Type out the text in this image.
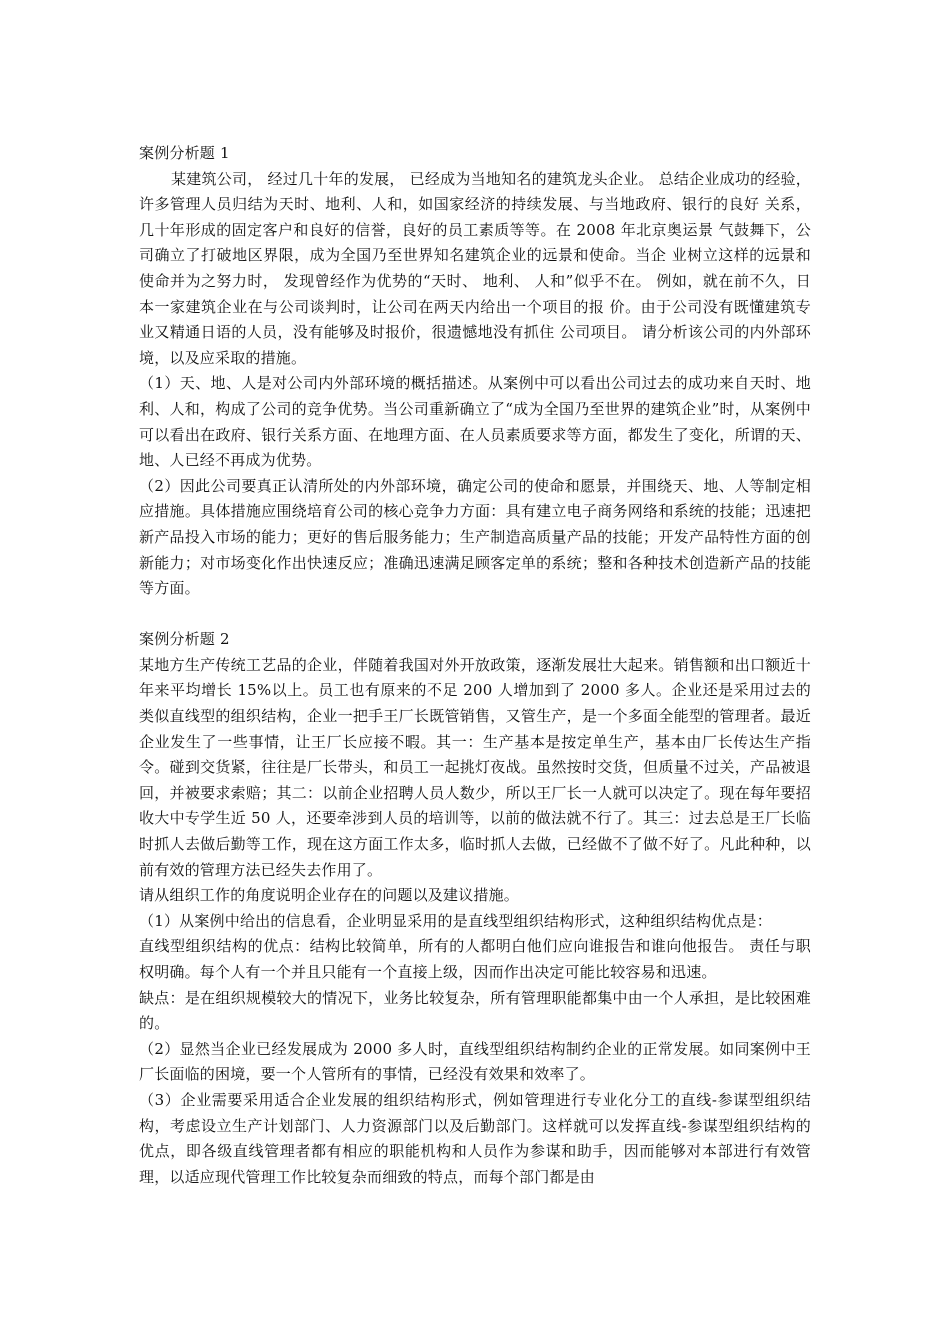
案例分析题 1

某建筑公司， 经过几十年的发展， 已经成为当地知名的建筑龙头企业。 总结企业成功的经验， 许多管理人员归结为天时、地利、人和，如国家经济的持续发展、与当地政府、银行的良好 关系，几十年形成的固定客户和良好的信誉，良好的员工素质等等。在 2008 年北京奥运景 气鼓舞下，公司确立了打破地区界限，成为全国乃至世界知名建筑企业的远景和使命。当企 业树立这样的远景和使命并为之努力时， 发现曾经作为优势的“天时、 地利、 人和”似乎不在。 例如，就在前不久，日本一家建筑企业在与公司谈判时，让公司在两天内给出一个项目的报 价。由于公司没有既懂建筑专业又精通日语的人员，没有能够及时报价，很遗憾地没有抓住 公司项目。 请分析该公司的内外部环境，以及应采取的措施。

（1）天、地、人是对公司内外部环境的概括描述。从案例中可以看出公司过去的成功来自天时、地利、人和，构成了公司的竞争优势。当公司重新确立了“成为全国乃至世界的建筑企业”时，从案例中可以看出在政府、银行关系方面、在地理方面、在人员素质要求等方面，都发生了变化，所谓的天、地、人已经不再成为优势。

（2）因此公司要真正认清所处的内外部环境，确定公司的使命和愿景，并围绕天、地、人等制定相应措施。具体措施应围绕培育公司的核心竞争力方面：具有建立电子商务网络和系统的技能；迅速把新产品投入市场的能力；更好的售后服务能力；生产制造高质量产品的技能；开发产品特性方面的创新能力；对市场变化作出快速反应；准确迅速满足顾客定单的系统；整和各种技术创造新产品的技能等方面。

案例分析题 2

某地方生产传统工艺品的企业，伴随着我国对外开放政策，逐渐发展壮大起来。销售额和出口额近十年来平均增长 15%以上。员工也有原来的不足 200 人增加到了 2000 多人。企业还是采用过去的类似直线型的组织结构，企业一把手王厂长既管销售，又管生产，是一个多面全能型的管理者。最近企业发生了一些事情，让王厂长应接不暇。其一：生产基本是按定单生产，基本由厂长传达生产指令。碰到交货紧，往往是厂长带头，和员工一起挑灯夜战。虽然按时交货，但质量不过关，产品被退回，并被要求索赔；其二：以前企业招聘人员人数少，所以王厂长一人就可以决定了。现在每年要招收大中专学生近 50 人，还要牵涉到人员的培训等，以前的做法就不行了。其三：过去总是王厂长临时抓人去做后勤等工作，现在这方面工作太多，临时抓人去做，已经做不了做不好了。凡此种种，以前有效的管理方法已经失去作用了。

请从组织工作的角度说明企业存在的问题以及建议措施。

（1）从案例中给出的信息看，企业明显采用的是直线型组织结构形式，这种组织结构优点是：

直线型组织结构的优点：结构比较简单，所有的人都明白他们应向谁报告和谁向他报告。 责任与职权明确。每个人有一个并且只能有一个直接上级，因而作出决定可能比较容易和迅速。

缺点：是在组织规模较大的情况下，业务比较复杂，所有管理职能都集中由一个人承担，是比较困难的。

（2）显然当企业已经发展成为 2000 多人时，直线型组织结构制约企业的正常发展。如同案例中王厂长面临的困境，要一个人管所有的事情，已经没有效果和效率了。

（3）企业需要采用适合企业发展的组织结构形式，例如管理进行专业化分工的直线-参谋型组织结构，考虑设立生产计划部门、人力资源部门以及后勤部门。这样就可以发挥直线-参谋型组织结构的优点，即各级直线管理者都有相应的职能机构和人员作为参谋和助手，因而能够对本部进行有效管理，以适应现代管理工作比较复杂而细致的特点，而每个部门都是由
